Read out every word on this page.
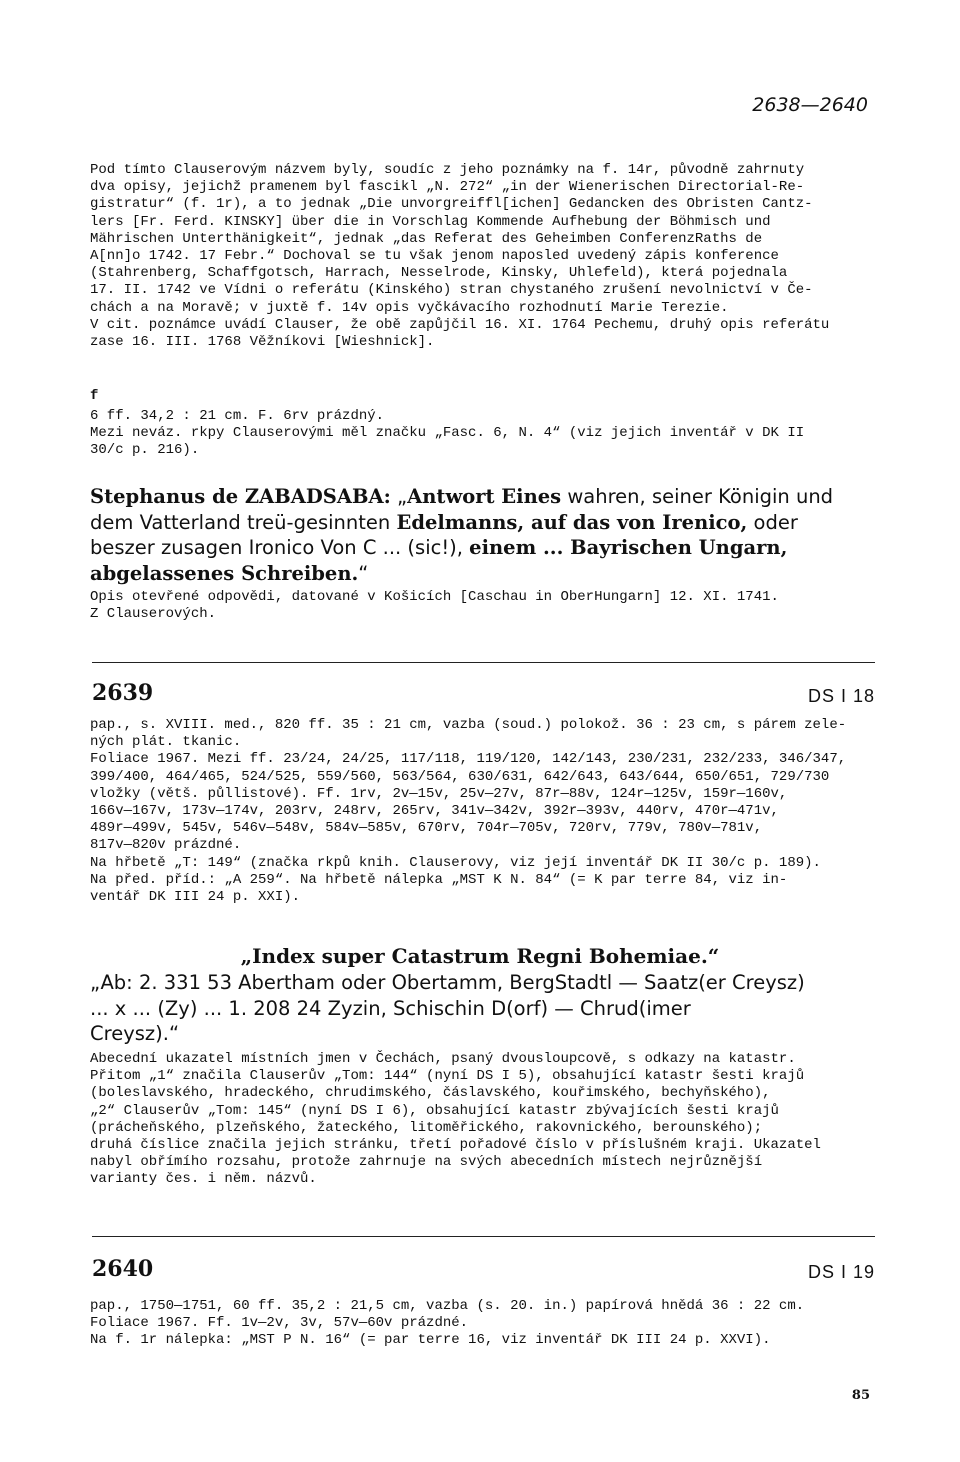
2638—2640

Pod tímto Clauserovým názvem byly, soudíc z jeho poznámky na f. 14r, původně zahrnuty

dva opisy, jejichž pramenem byl fascikl „N. 272“ „in der Wienerischen Directorial-Re-

gistratur“ (f. 1r), a to jednak „Die unvorgreiffl[ichen] Gedancken des Obristen Cantz-

lers [Fr. Ferd. KINSKY] über die in Vorschlag Kommende Aufhebung der Böhmisch und

Mährischen Unterthänigkeit“, jednak „das Referat des Geheimben ConferenzRaths de

A[nn]o 1742. 17 Febr.“ Dochoval se tu však jenom naposled uvedený zápis konference

(Stahrenberg, Schaffgotsch, Harrach, Nesselrode, Kinsky, Uhlefeld), která pojednala

17. II. 1742 ve Vídni o referátu (Kinského) stran chystaného zrušení nevolnictví v Če-

chách a na Moravě; v juxtě f. 14v opis vyčkávacího rozhodnutí Marie Terezie.

V cit. poznámce uvádí Clauser, že obě zapůjčil 16. XI. 1764 Pechemu, druhý opis referátu

zase 16. III. 1768 Věžníkovi [Wieshnick].

f

6 ff. 34,2 : 21 cm. F. 6rv prázdný.

Mezi neváz. rkpy Clauserovými měl značku „Fasc. 6, N. 4“ (viz jejich inventář v DK II

30/c p. 216).

Stephanus de ZABADSABA: „Antwort Eines wahren, seiner Königin und

dem Vatterland treü-gesinnten Edelmanns, auf das von Irenico, oder

beszer zusagen Ironico Von C ... (sic!), einem ... Bayrischen Ungarn,

abgelassenes Schreiben.“

Opis otevřené odpovědi, datované v Košicích [Caschau in OberHungarn] 12. XI. 1741.

Z Clauserových.

2639	DS I 18

pap., s. XVIII. med., 820 ff. 35 : 21 cm, vazba (soud.) polokož. 36 : 23 cm, s párem zele-

ných plát. tkanic.

Foliace 1967. Mezi ff. 23/24, 24/25, 117/118, 119/120, 142/143, 230/231, 232/233, 346/347,

399/400, 464/465, 524/525, 559/560, 563/564, 630/631, 642/643, 643/644, 650/651, 729/730

vložky (větš. půllistové). Ff. 1rv, 2v—15v, 25v—27v, 87r—88v, 124r—125v, 159r—160v,

166v—167v, 173v—174v, 203rv, 248rv, 265rv, 341v—342v, 392r—393v, 440rv, 470r—471v,

489r—499v, 545v, 546v—548v, 584v—585v, 670rv, 704r—705v, 720rv, 779v, 780v—781v,

817v—820v prázdné.

Na hřbetě „T: 149“ (značka rkpů knih. Clauserovy, viz její inventář DK II 30/c p. 189).

Na před. příd.: „A 259“. Na hřbetě nálepka „MST K N. 84“ (= K par terre 84, viz in-

ventář DK III 24 p. XXI).

„Index super Catastrum Regni Bohemiae.“

„Ab: 2. 331 53 Abertham oder Obertamm, BergStadtl — Saatz(er Creysz)

... x ... (Zy) ... 1. 208 24 Zyzin, Schischin D(orf) — Chrud(imer

Creysz).“

Abecední ukazatel místních jmen v Čechách, psaný dvousloupcově, s odkazy na katastr.

Přitom „1“ značila Clauserův „Tom: 144“ (nyní DS I 5), obsahující katastr šesti krajů

(boleslavského, hradeckého, chrudimského, čáslavského, kouřimského, bechyňského),

„2“ Clauserův „Tom: 145“ (nyní DS I 6), obsahující katastr zbývajících šesti krajů

(prácheňského, plzeňského, žateckého, litoměřického, rakovnického, berounského);

druhá číslice značila jejich stránku, třetí pořadové číslo v příslušném kraji. Ukazatel

nabyl obřímího rozsahu, protože zahrnuje na svých abecedních místech nejrůznější

varianty čes. i něm. názvů.

2640	DS I 19

pap., 1750—1751, 60 ff. 35,2 : 21,5 cm, vazba (s. 20. in.) papírová hnědá 36 : 22 cm.

Foliace 1967. Ff. 1v—2v, 3v, 57v—60v prázdné.

Na f. 1r nálepka: „MST P N. 16“ (= par terre 16, viz inventář DK III 24 p. XXVI).

85
